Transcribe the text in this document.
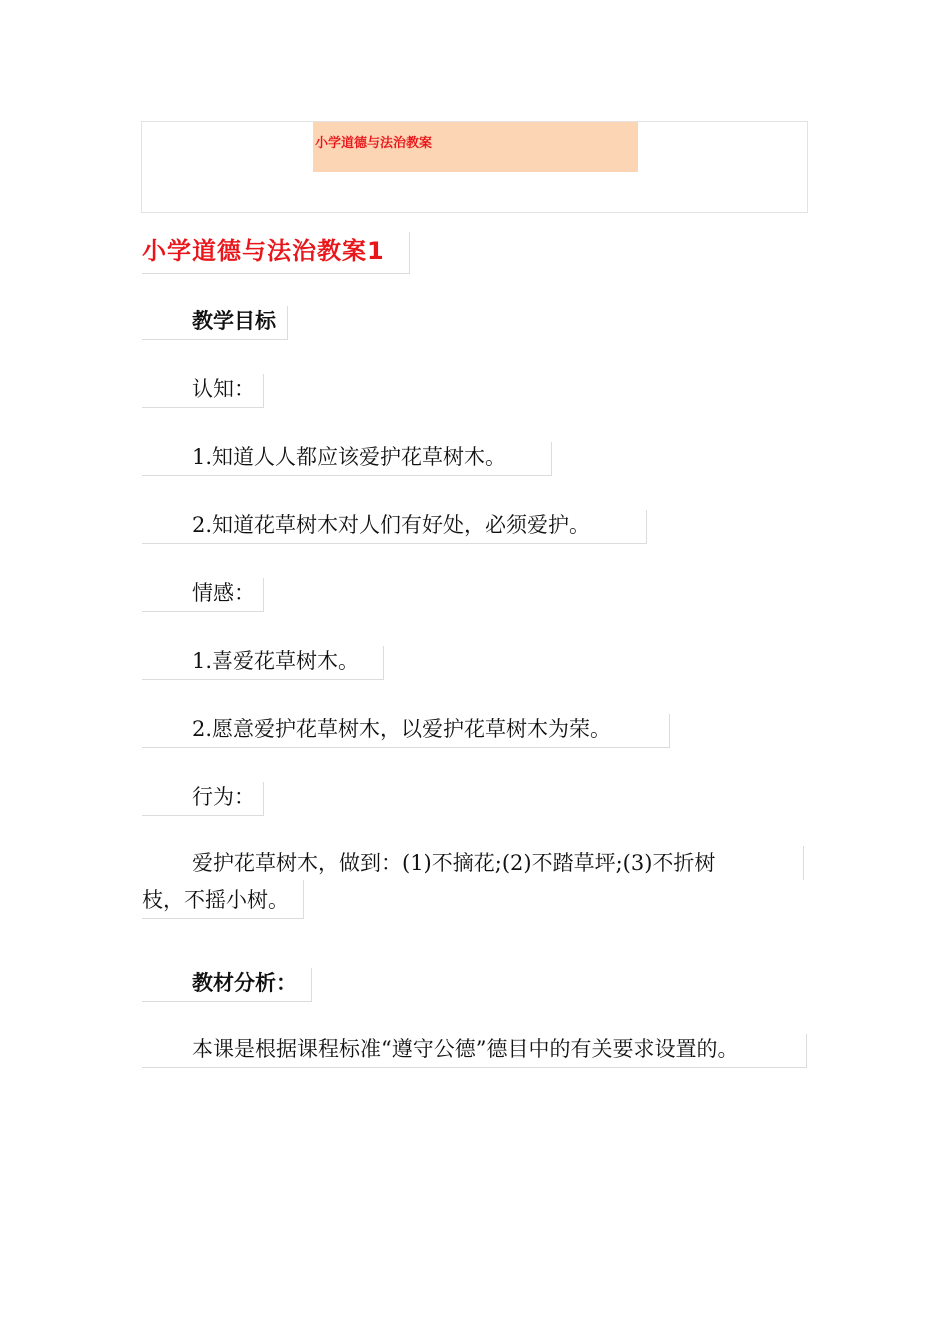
小学道德与法治教案
小学道德与法治教案1
教学目标
认知：
1.知道人人都应该爱护花草树木。
2.知道花草树木对人们有好处，必须爱护。
情感：
1.喜爱花草树木。
2.愿意爱护花草树木，以爱护花草树木为荣。
行为：
爱护花草树木，做到：(1)不摘花;(2)不踏草坪;(3)不折树
枝，不摇小树。
教材分析：
本课是根据课程标准“遵守公德”德目中的有关要求设置的。
